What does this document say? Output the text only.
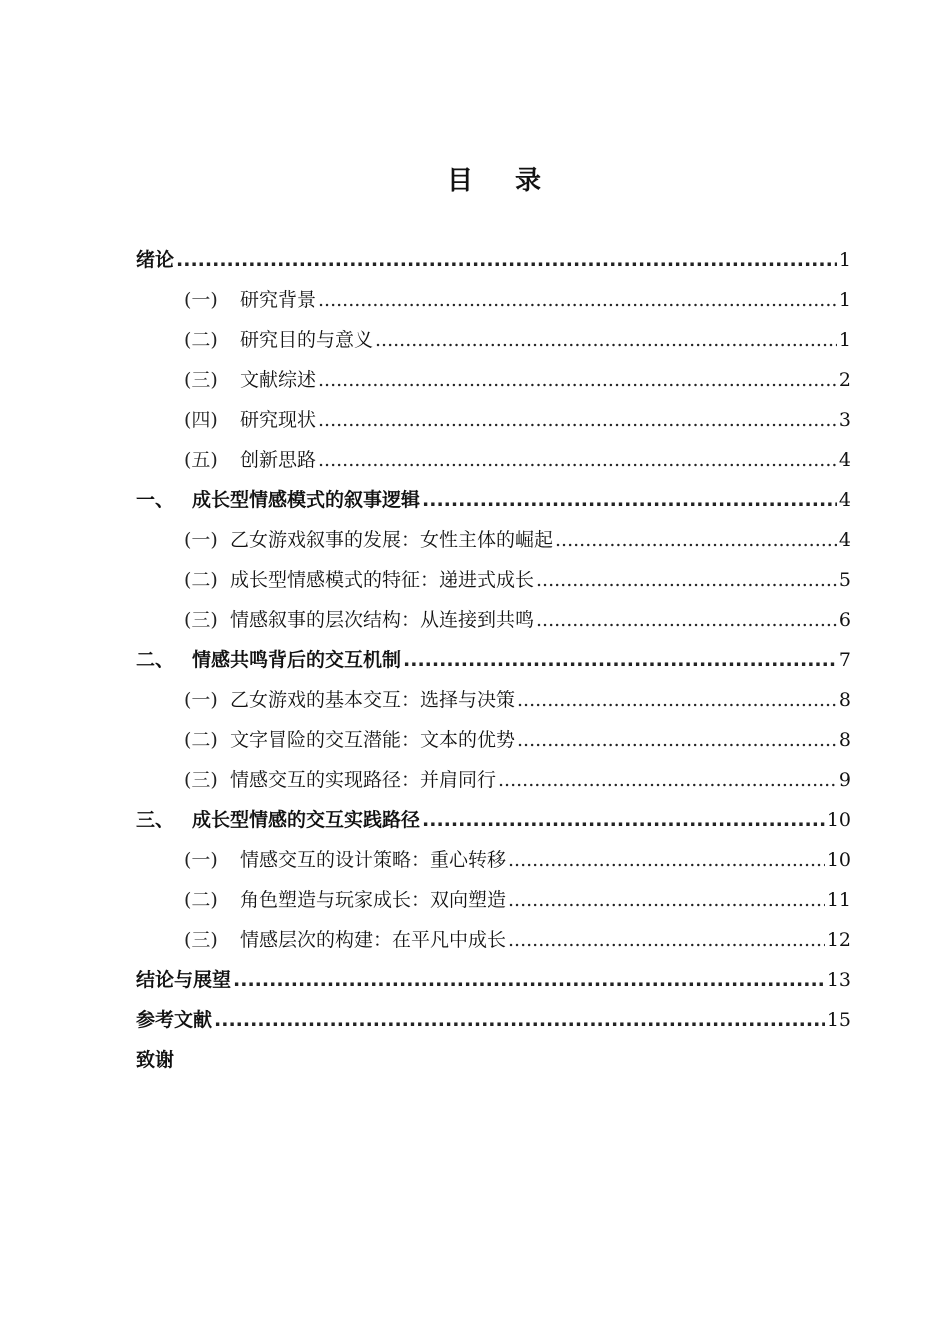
目 录
绪论 .....	1
(一)	研究背景 .....	1
(二)	研究目的与意义 .....	1
(三)	文献综述 .....	2
(四)	研究现状 .....	3
(五)	创新思路 .....	4
一、 成长型情感模式的叙事逻辑 .....	4
(一) 乙女游戏叙事的发展：女性主体的崛起 .....	4
(二) 成长型情感模式的特征：递进式成长 .....	5
(三) 情感叙事的层次结构：从连接到共鸣 .....	6
二、 情感共鸣背后的交互机制 .....	7
(一) 乙女游戏的基本交互：选择与决策 .....	8
(二) 文字冒险的交互潜能：文本的优势 .....	8
(三) 情感交互的实现路径：并肩同行 .....	9
三、 成长型情感的交互实践路径 .....	10
(一)	情感交互的设计策略：重心转移 .....	10
(二)	角色塑造与玩家成长：双向塑造 .....	11
(三)	情感层次的构建：在平凡中成长 .....	12
结论与展望 .....	13
参考文献 .....	15
致谢
